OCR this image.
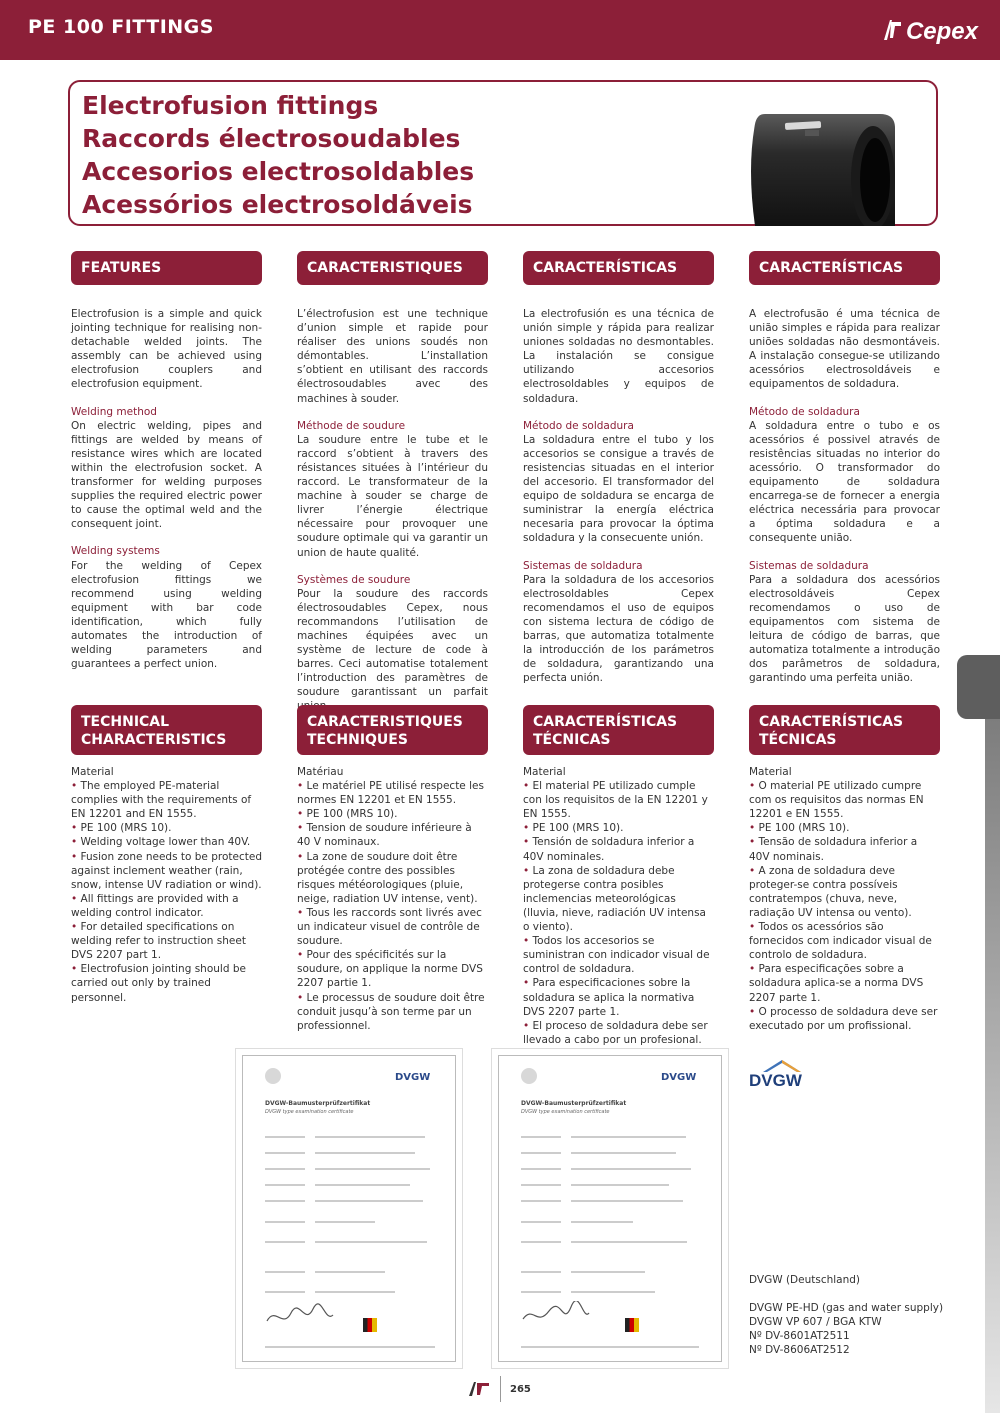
PE 100 FITTINGS	Cepex
Electrofusion fittings
Raccords électrosoudables
Accesorios electrosoldables
Acessórios electrosoldáveis
FEATURES	CARACTERISTIQUES	CARACTERÍSTICAS	CARACTERÍSTICAS

Electrofusion is a simple and quick jointing technique for realising non-detachable welded joints. The assembly can be achieved using electrofusion couplers and electrofusion equipment.

Welding method
On electric welding, pipes and fittings are welded by means of resistance wires which are located within the electrofusion socket. A transformer for welding purposes supplies the required electric power to cause the optimal weld and the consequent joint.

Welding systems
For the welding of Cepex electrofusion fittings we recommend using welding equipment with bar code identification, which fully automates the introduction of welding parameters and guarantees a perfect union.

L’électrofusion est une technique d’union simple et rapide pour réaliser des unions soudés non démontables. L’installation s’obtient en utilisant des raccords électrosoudables avec des machines à souder.

Méthode de soudure
La soudure entre le tube et le raccord s’obtient à travers des résistances situées à l’intérieur du raccord. Le transformateur de la machine à souder se charge de livrer l’énergie électrique nécessaire pour provoquer une soudure optimale qui va garantir un union de haute qualité.

Systèmes de soudure
Pour la soudure des raccords électrosoudables Cepex, nous recommandons l’utilisation de machines équipées avec un système de lecture de code à barres. Ceci automatise totalement l’introduction des paramètres de soudure garantissant un parfait

La electrofusión es una técnica de unión simple y rápida para realizar uniones soldadas no desmontables. La instalación se consigue utilizando accesorios electrosoldables y equipos de soldadura.

Método de soldadura
La soldadura entre el tubo y los accesorios se consigue a través de resistencias situadas en el interior del accesorio. El transformador del equipo de soldadura se encarga de suministrar la energía eléctrica necesaria para provocar la óptima soldadura y la consecuente unión.

Sistemas de soldadura
Para la soldadura de los accesorios electrosoldables Cepex recomendamos el uso de equipos con sistema lectura de código de barras, que automatiza totalmente la introducción de los parámetros de soldadura, garantizando una perfecta unión.

A electrofusão é uma técnica de união simples e rápida para realizar uniões soldadas não desmontáveis. A instalação consegue-se utilizando acessórios electrosoldáveis e equipamentos de soldadura.

Método de soldadura
A soldadura entre o tubo e os acessórios é possivel através de resistências situadas no interior do acessório. O transformador do equipamento de soldadura encarrega-se de fornecer a energia eléctrica necessária para provocar a óptima soldadura e a consequente união.

Sistemas de soldadura
Para a soldadura dos acessórios electrosoldáveis Cepex recomendamos o uso de equipamentos com sistema de leitura de código de barras, que automatiza totalmente a introdução dos parâmetros de soldadura, garantindo uma perfeita união.

TECHNICAL
CHARACTERISTICS
CARACTERISTIQUES
TECHNIQUES
CARACTERÍSTICAS
TÉCNICAS
CARACTERÍSTICAS
TÉCNICAS
Material
• The employed PE-material complies with the requirements of EN 12201 and EN 1555.
• PE 100 (MRS 10).
• Welding voltage lower than 40V.
• Fusion zone needs to be protected against inclement weather (rain, snow, intense UV radiation or wind).
• All fittings are provided with a welding control indicator.
• For detailed specifications on welding refer to instruction sheet DVS 2207 part 1.
• Electrofusion jointing should be carried out only by trained personnel.
Matériau
• Le matériel PE utilisé respecte les normes EN 12201 et EN 1555.
• PE 100 (MRS 10).
• Tension de soudure inférieure à 40 V nominaux.
• La zone de soudure doit être protégée contre des possibles risques météorologiques (pluie, neige, radiation UV intense, vent).
• Tous les raccords sont livrés avec un indicateur visuel de contrôle de soudure.
• Pour des spécificités sur la soudure, on applique la norme DVS 2207 partie 1.
• Le processus de soudure doit être conduit jusqu’à son terme par un professionnel.
Material
• El material PE utilizado cumple con los requisitos de la EN 12201 y EN 1555.
• PE 100 (MRS 10).
• Tensión de soldadura inferior a 40V nominales.
• La zona de soldadura debe protegerse contra posibles inclemencias meteorológicas (lluvia, nieve, radiación UV intensa o viento).
• Todos los accesorios se suministran con indicador visual de control de soldadura.
• Para especificaciones sobre la soldadura se aplica la normativa DVS 2207 parte 1.
• El proceso de soldadura debe ser llevado a cabo por un profesional.
Material
• O material PE utilizado cumpre com os requisitos das normas EN 12201 e EN 1555.
• PE 100 (MRS 10).
• Tensão de soldadura inferior a 40V nominais.
• A zona de soldadura deve proteger-se contra possíveis contratempos (chuva, neve, radiação UV intensa ou vento).
• Todos os acessórios são fornecidos com indicador visual de controlo de soldadura.
• Para especificações sobre a soldadura aplica-se a norma DVS 2207 parte 1.
• O processo de soldadura deve ser executado por um profissional.
DVGW
DVGW-Baumusterprüfzertifikat
DVGW type examination certificate
DVGW
DVGW-Baumusterprüfzertifikat
DVGW type examination certificate
DVGW
DVGW (Deutschland)
DVGW PE-HD (gas and water supply)
DVGW VP 607 / BGA KTW
Nº DV-8601AT2511
Nº DV-8606AT2512
265
